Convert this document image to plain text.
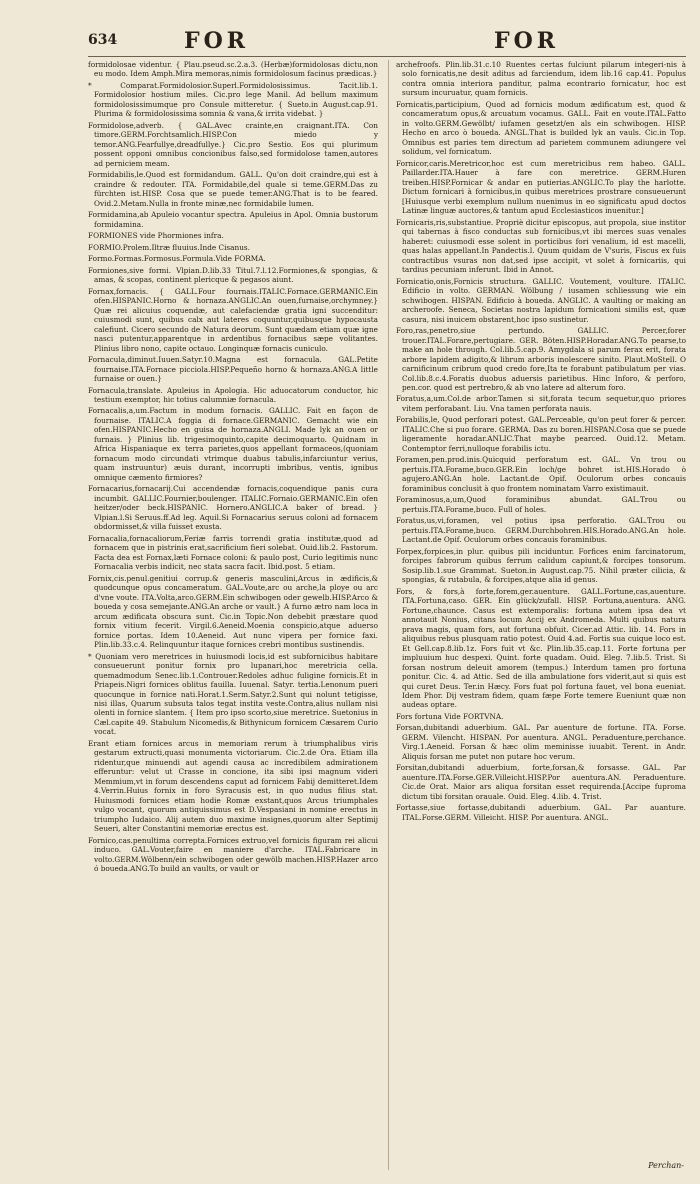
634	FOR	FOR

formidolosae videntur. { Plau.pseud.sc.2.a.3. (Herbæ)formidolosas dictu,non eu modo. Idem Amph.Mira memoras,nimis formidolosum facinus prædicas.}

* Comparat.Formidolosior.Superl.Formidolosissimus. Tacit.lib.1. Formidolosior hostium miles. Cic.pro lege Manil. Ad bellum maximum formidolosissimumque pro Consule mitteretur. { Sueto.in August.cap.91. Plurima & formidolosissima somnia & vana,& irrita videbat. }

Formidolose,adverb. { GAL.Avec crainte,en craignant.ITA. Con timore.GERM.Forchtsamlich.HISP.Con miedo y temor.ANG.Fearfullye,dreadfullye.} Cic.pro Sestio. Eos qui plurimum possent opponi omnibus concionibus falso,sed formidolose tamen,autores ad perniciem meam.

Formidabilis,le.Quod est formidandum. GALL. Qu'on doit craindre,qui est à craindre & redouter. ITA. Formidabile,del quale si teme.GERM.Das zu fürchten ist.HISP. Cosa que se puede temer.ANG.That is to be feared. Ovid.2.Metam.Nulla in fronte minæ,nec formidabile lumen.

Formidamina,ab Apuleio vocantur spectra. Apuleius in Apol. Omnia bustorum formidamina.

FORMIONES vide Phormiones infra.

FORMIO.Prolem.Iltræ fluuius.Inde Cisanus.

Formo.Formas.Formosus.Formula.Vide FORMA.

Formiones,sive formi. Vlpian.D.lib.33 Titul.7.l.12.Formiones,& spongias, & amas, & scopas, continent plericque & pegasos aiunt.

Fornax,fornacis. { GALL.Four fournais.ITALIC.Fornace.GERMANIC.Ein ofen.HISPANIC.Horno & hornaza.ANGLIC.An ouen,furnaise,orchymney.} Quæ rei alicuius coquendæ, aut calefaciendæ gratia igni succenditur: cuiusmodi sunt, quibus calx aut lateres coquuntur,quibusque hypocausta calefiunt. Cicero secundo de Natura deorum. Sunt quædam etiam quæ igne nasci putentur,apparentque in ardentibus fornacibus sæpe volitantes. Plinius libro nono, capite octauo. Longinquæ fornacis cuniculo.

Fornacula,diminut.Iuuen.Satyr.10.Magna est fornacula. GAL.Petite fournaise.ITA.Fornace picciola.HISP.Pequeño horno & hornaza.ANG.A little furnaise or ouen.}

Fornacula,translate. Apuleius in Apologia. Hic aduocatorum conductor, hic testium exemptor, hic totius calumniæ fornacula.

Fornacalis,a,um.Factum in modum fornacis. GALLIC. Fait en façon de fournaise. ITALIC.A foggia di fornace.GERMANIC. Gemacht wie ein ofen.HISPANIC.Hecho en guisa de hornaza.ANGLI. Made lyk an ouen or furnais. } Plinius lib. trigesimoquinto,capite decimoquarto. Quidnam in Africa Hispaniaque ex terra parietes,quos appellant formaceos,(quoniam fornacum modo circundati vtrimque duabus tabulis,infarciuntur verius, quam instruuntur) æuis durant, incorrupti imbribus, ventis, ignibus omnique cæmento firmiores?

Fornacarius,fornacarij.Cui accendendæ fornacis,coquendique panis cura incumbit. GALLIC.Fournier,boulenger. ITALIC.Fornaio.GERMANIC.Ein ofen heitzer/oder beck.HISPANIC. Hornero.ANGLIC.A baker of bread. } Vlpian.l.Si Seruus.ff.Ad leg. Aquil.Si Fornacarius seruus coloni ad fornacem obdormisset,& villa fuisset exusta.

Fornacalia,fornacaliorum,Feriæ farris torrendi gratia institutæ,quod ad fornacem que in pistrinis erat,sacrificium fieri solebat. Ouid.lib.2. Fastorum. Facta dea est Fornax,læti Fornace coloni: & paulo post, Curio legitimis nunc Fornacalia verbis indicit, nec stata sacra facit. Ibid.post. 5 etiam.

Fornix,cis.penul.genitiui corrup.& generis masculini,Arcus in ædificis,& quodcunque opus concameratum. GAL.Voute,arc ou arche,la ploye ou arc d'vne voute. ITA.Volta,arco.GERM.Ein schwibogen oder gewelb.HISP.Arco & boueda y cosa semejante.ANG.An arche or vault.} A furno ætro nam loca in arcum ædificata obscura sunt. Cic.in Topic.Non debebit præstare quod fornix vitium fecerit. Virgil.6.Aeneid.Moenia conspicio,atque aduerso fornice portas. Idem 10.Aeneid. Aut nunc vipera per fornice faxi. Plin.lib.33.c.4. Relinquuntur itaque fornices crebri montibus sustinendis.

* Quoniam vero meretrices in huiusmodi locis,id est subfornicibus habitare consueuerunt ponitur fornix pro lupanari,hoc meretricia cella. quemadmodum Senec.lib.1.Controuer.Redoles adhuc fuligine fornicis.Et in Priapeis.Nigri fornices oblitus fauilla. Iuuenal. Satyr. tertia.Lenonum pueri quocunque in fornice nati.Horat.1.Serm.Satyr.2.Sunt qui nolunt tetigisse, nisi illas, Quarum subsuta talos tegat instita veste.Contra,alius nullam nisi olenti in fornice slantem. { Item pro ipso scorto,siue meretrice. Suetonius in Cæl.capite 49. Stabulum Nicomedis,& Bithynicum fornicem Cæsarem Curio vocat.

Erant etiam fornices arcus in memoriam rerum à triumphalibus viris gestarum extructi,quasi monumenta victoriarum. Cic.2.de Ora. Etiam illa ridentur,que minuendi aut agendi causa ac incredibilem admirationem efferuntur: velut ut Crasse in concione, ita sibi ipsi magnum videri Memmium,vt in forum descendens caput ad fornicem Fabij demitteret.Idem 4.Verrin.Huius fornix in foro Syracusis est, in quo nudus filius stat. Huiusmodi fornices etiam hodie Romæ exstant,quos Arcus triumphales vulgo vocant, quorum antiquissimus est D.Vespasiani in nomine erectus in triumpho Iudaico. Alij autem duo maxime insignes,quorum alter Septimij Seueri, alter Constantini memoriæ erectus est.

Fornico,cas.penultima correpta.Fornices extruo,vel fornicis figuram rei alicui induco. GAL.Vouter,faire en maniere d'arche. ITAL.Fabricare in volto.GERM.Wölbenn/ein schwibogen oder gewölb machen.HISP.Hazer arco ó boueda.ANG.To build an vaults, or vault or

archefroofs. Plin.lib.31.c.10 Ruentes certas fulciunt pilarum integeri-nis à solo fornicatis,ne desit aditus ad farciendum, idem lib.16 cap.41. Populus contra omnia interiora panditur, palma econtrario fornicatur, hoc est sursum incuruatur, quam fornicis.

Fornicatis,participium, Quod ad fornicis modum ædificatum est, quod & concameratum opus,& arcuatum vocamus. GALL. Fait en voute.ITAL.Fatto in volto.GERM.Gewölbt/ iufamen gesetzt/en als ein schwibogen. HISP. Hecho en arco ò boueda. ANGL.That is builded lyk an vauls. Cic.in Top. Omnibus est paries tem directum ad parietem communem adiungere vel solidum, vel fornicatum.

Fornicor,caris.Meretricor,hoc est cum meretricibus rem habeo. GALL. Paillarder.ITA.Hauer à fare con meretrice. GERM.Huren treiben.HISP.Fornicar & andar en putierias.ANGLIC.To play the harlotte. Dictum fornicari à fornicibus,in quibus meretrices prostrare consueuerunt [Huiusque verbi exemplum nullum nuenimus in eo significatu apud doctos Latinæ linguæ auctores,& tantum apud Ecclesiasticos inuenitur.]

Fornicaris,ris,substantiue. Propriè dicitur episcopus, aut propola, siue institor qui tabernas à fisco conductas sub fornicibus,vt ibi merces suas venales haberet: cuiusmodi esse solent in porticibus fori venalium, id est macelli, quas halas appellant.In Pandectis.l. Quum quidam de V'suris, Fiscus ex fuis contractibus vsuras non dat,sed ipse accipit, vt solet à fornicariis, qui tardius pecuniam inferunt. Ibid in Annot.

Fornicatio,onis,Fornicis structura. GALLIC. Voutement, voulture. ITALIC. Edificio in volto. GERMAN. Wölbung / iusamen schliessung wie ein schwibogen. HISPAN. Edificio à boueda. ANGLIC. A vaulting or making an archeroofe. Seneca, Societas nostra lapidum fornicationi similis est, quæ casura, nisi inuicem obstarent,hoc ipso sustinetur.

Foro,ras,penetro,siue pertundo. GALLIC. Percer,forer trouer.ITAL.Forare,pertugiare. GER. Böten.HISP.Horadar.ANG.To pearse,to make an hole through. Col.lib.5.cap.9. Amygdala si parum ferax erit, forata arbore lapidem adigito,& librum arboris inolescere sinito. Plaut.MoStell. O carnificinum cribrum quod credo fore,Ita te forabunt patibulatum per vias. Col.lib.8.c.4.Foratis duobus aduersis parietibus. Hinc Inforo, & perforo, pen.cor. quod est pertrebro,& ab vno latere ad alterum foro.

Foratus,a,um.Col.de arbor.Tamen si sit,forata tecum sequetur,quo priores vitem perforabant. Liu. Vna tamen perforata nauis.

Forabilis,le, Quod perforari potest. GAL.Perceable, qu'on peut forer & percer. ITALIC.Che si puo forare. GERMA. Das zu boren.HISPAN.Cosa que se puede ligeramente horadar.ANLIC.That maybe pearced. Ouid.12. Metam. Contemptor ferri,nulloque forabilis ictu.

Foramen,pen.prod.inis.Quicquid perforatum est. GAL. Vn trou ou pertuis.ITA.Forame,buco.GER.Ein loch/ge bohret ist.HIS.Horado ò agujero.ANG.An hole. Lactant.de Opif. Oculorum orbes concauis foraminibus conclusit à quo frontem nominatam Varro existimauit.

Foraminosus,a,um,Quod foraminibus abundat. GAL.Trou ou pertuis.ITA.Forame,buco. Full of holes.

Foratus,us,vi,foramen, vel potius ipsa perforatio. GAL.Trou ou pertuis.ITA.Forame,buco. GERM.Durchbohren.HIS.Horado.ANG.An hole. Lactant.de Opif. Oculorum orbes concauis foraminibus.

Forpex,forpices,in plur. quibus pili inciduntur. Forfices enim farcinatorum, forcipes fabrorum quibus ferrum calidum capiunt,& forcipes tonsorum. Sosip.lib.1.sue Grammat. Sueton.in August.cap.75. Nihil præter cilicia, & spongias, & rutabula, & forcipes,atque alia id genus.

Fors, & fors,à forte,forem,ger.auenture. GALL.Fortune,cas,auenture. ITA.Fortuna,caso. GER. Ein glück/zufall. HISP. Fortuna,auentura. ANG. Fortune,chaunce. Casus est extemporalis: fortuna autem ipsa dea vt annotauit Nonius, citans locum Accij ex Andromeda. Multi quibus natura prava magis, quam fors, aut fortuna obfuit. Cicer.ad Attic. lib. 14. Fors in aliquibus rebus plusquam ratio potest. Ouid 4.ad. Fortis sua cuique loco est. Et Gell.cap.8.lib.1z. Fors fuit vt &c. Plin.lib.35.cap.11. Forte fortuna per impluuium huc despexi. Quint. forte quadam. Ouid. Eleg. 7.lib.5. Trist. Si forsan nostrum deleuit amorem (tempus.) Interdum tamen pro fortuna ponitur. Cic. 4. ad Attic. Sed de illa ambulatione fors viderit,aut si quis est qui curet Deus. Ter.in Hæcy. Fors fuat pol fortuna fauet, vel bona eueniat. Idem Phor. Dij vestram fidem, quam fæpe Forte temere Eueniunt quæ non audeas optare.

Fors fortuna Vide FORTVNA.

Forsan,dubitandi aduerbium. GAL. Par auenture de fortune. ITA. Forse. GERM. Vilencht. HISPAN. Por auentura. ANGL. Peraduenture,perchance. Virg.1.Aeneid. Forsan & hæc olim meminisse iuuabit. Terent. in Andr. Aliquis forsan me putet non putare hoc verum.

Forsitan,dubitandi aduerbium, forte,forsan,& forsasse. GAL. Par auenture.ITA.Forse.GER.Villeicht.HISP.Por auentura.AN. Peraduenture. Cic.de Orat. Maior ars aliqua forsitan esset requirenda.[Accipe fuproma dictum tibi forsitan orauale. Ouid. Eleg. 4.lib. 4. Trist.

Fortasse,siue fortasse,dubitandi aduerbium. GAL. Par auanture. ITAL.Forse.GERM. Villeicht. HISP. Por auentura. ANGL.

Perchan-
